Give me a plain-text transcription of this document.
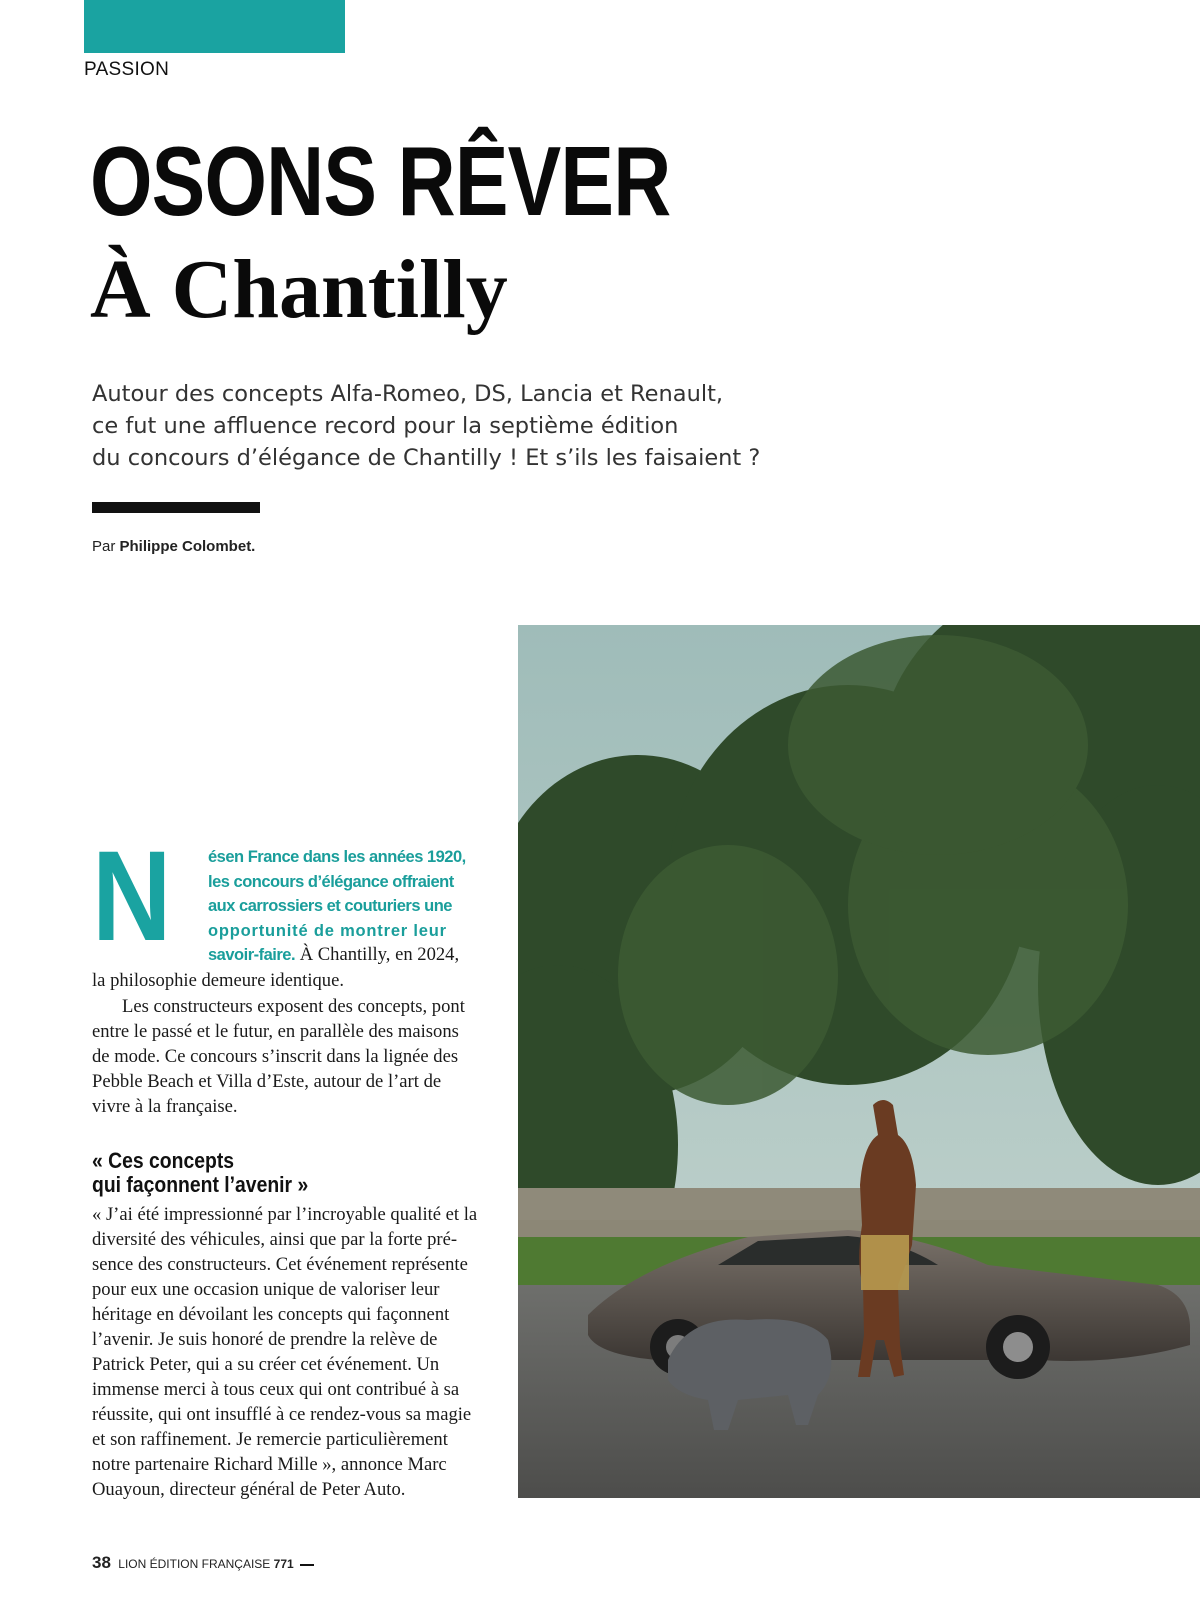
PASSION
OSONS RÊVER
À Chantilly
Autour des concepts Alfa-Romeo, DS, Lancia et Renault,
ce fut une affluence record pour la septième édition
du concours d’élégance de Chantilly ! Et s’ils les faisaient ?
Par Philippe Colombet.
N ésen France dans les années 1920,
les concours d’élégance offraient
aux carrossiers et couturiers une
opportunité de montrer leur
savoir-faire. À Chantilly, en 2024,
la philosophie demeure identique.
Les constructeurs exposent des concepts, pont
entre le passé et le futur, en parallèle des maisons
de mode. Ce concours s’inscrit dans la lignée des
Pebble Beach et Villa d’Este, autour de l’art de
vivre à la française.
« Ces concepts
qui façonnent l’avenir »
« J’ai été impressionné par l’incroyable qualité et la
diversité des véhicules, ainsi que par la forte pré-
sence des constructeurs. Cet événement représente
pour eux une occasion unique de valoriser leur
héritage en dévoilant les concepts qui façonnent
l’avenir. Je suis honoré de prendre la relève de
Patrick Peter, qui a su créer cet événement. Un
immense merci à tous ceux qui ont contribué à sa
réussite, qui ont insufflé à ce rendez-vous sa magie
et son raffinement. Je remercie particulièrement
notre partenaire Richard Mille », annonce Marc
Ouayoun, directeur général de Peter Auto.
38 LION ÉDITION FRANÇAISE 771
